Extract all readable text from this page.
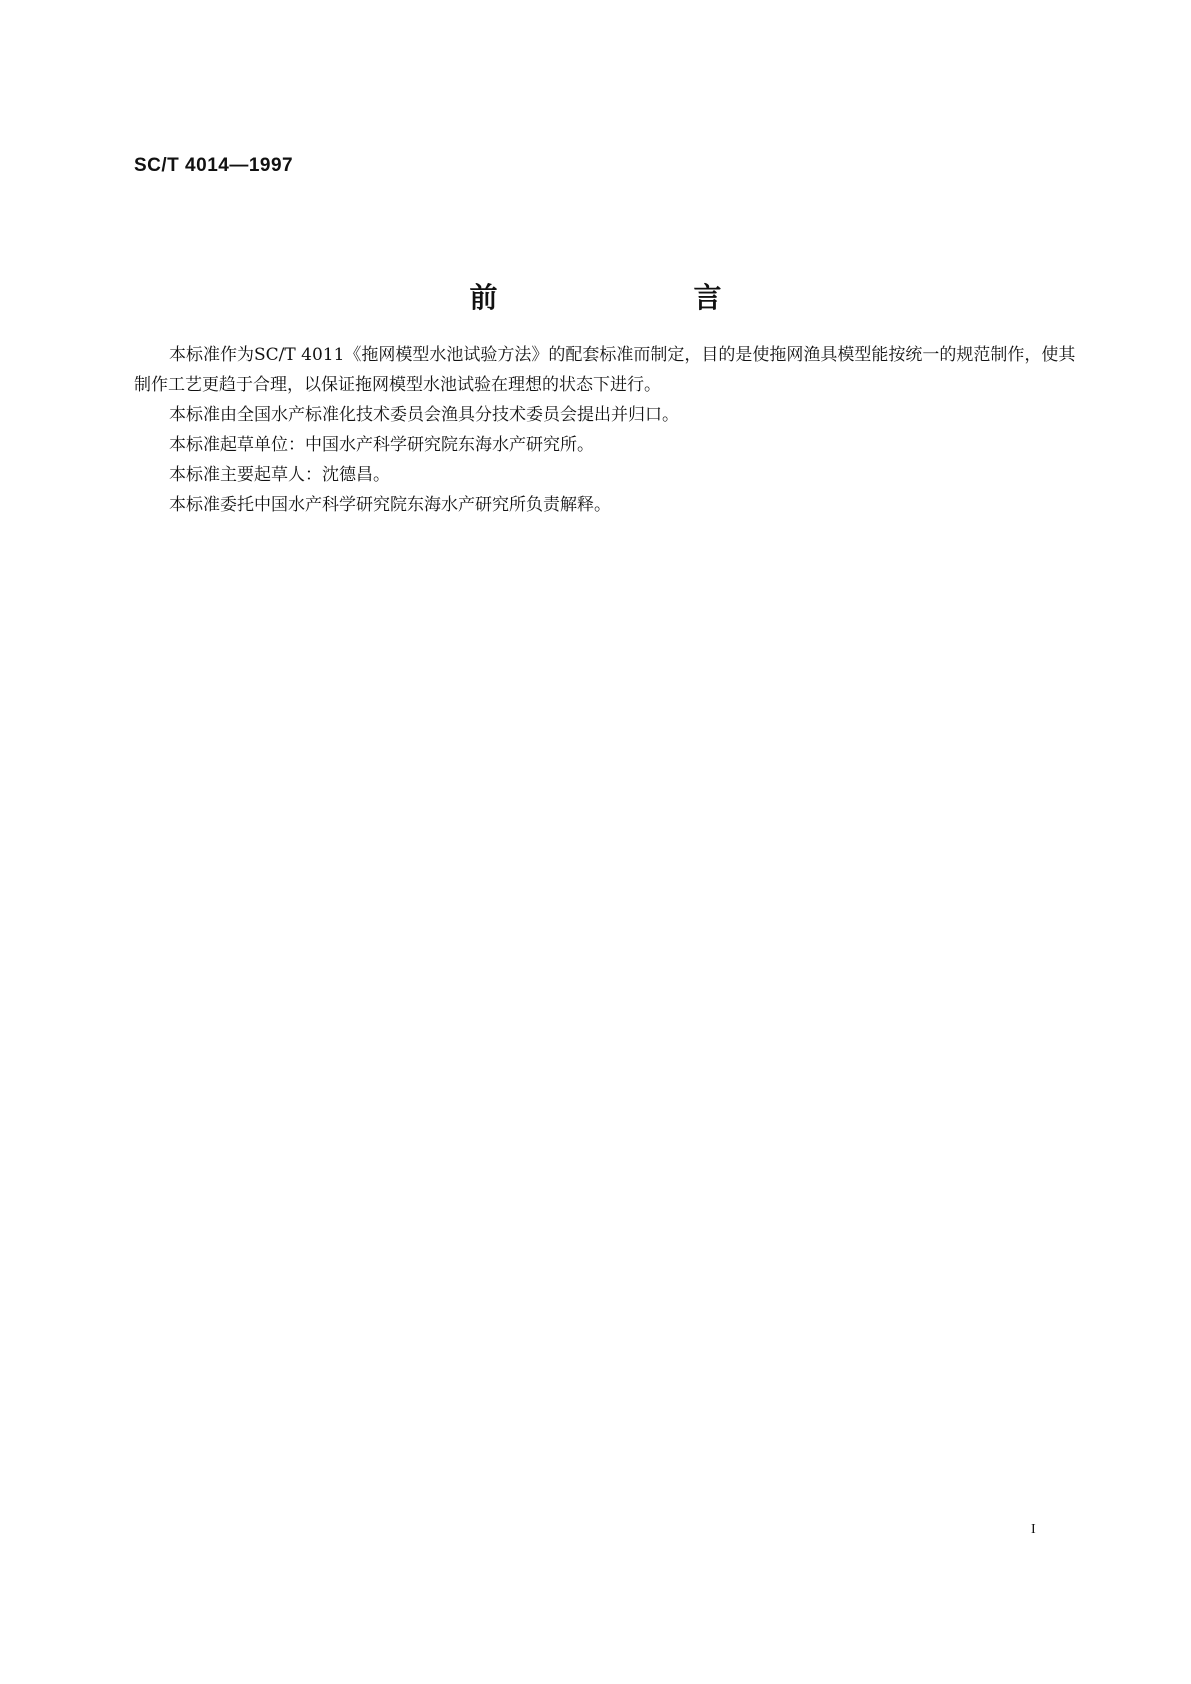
SC/T 4014—1997
前　言

本标准作为SC/T 4011《拖网模型水池试验方法》的配套标准而制定，目的是使拖网渔具模型能按统一的规范制作，使其制作工艺更趋于合理，以保证拖网模型水池试验在理想的状态下进行。

本标准由全国水产标准化技术委员会渔具分技术委员会提出并归口。

本标准起草单位：中国水产科学研究院东海水产研究所。

本标准主要起草人：沈德昌。

本标准委托中国水产科学研究院东海水产研究所负责解释。

I
